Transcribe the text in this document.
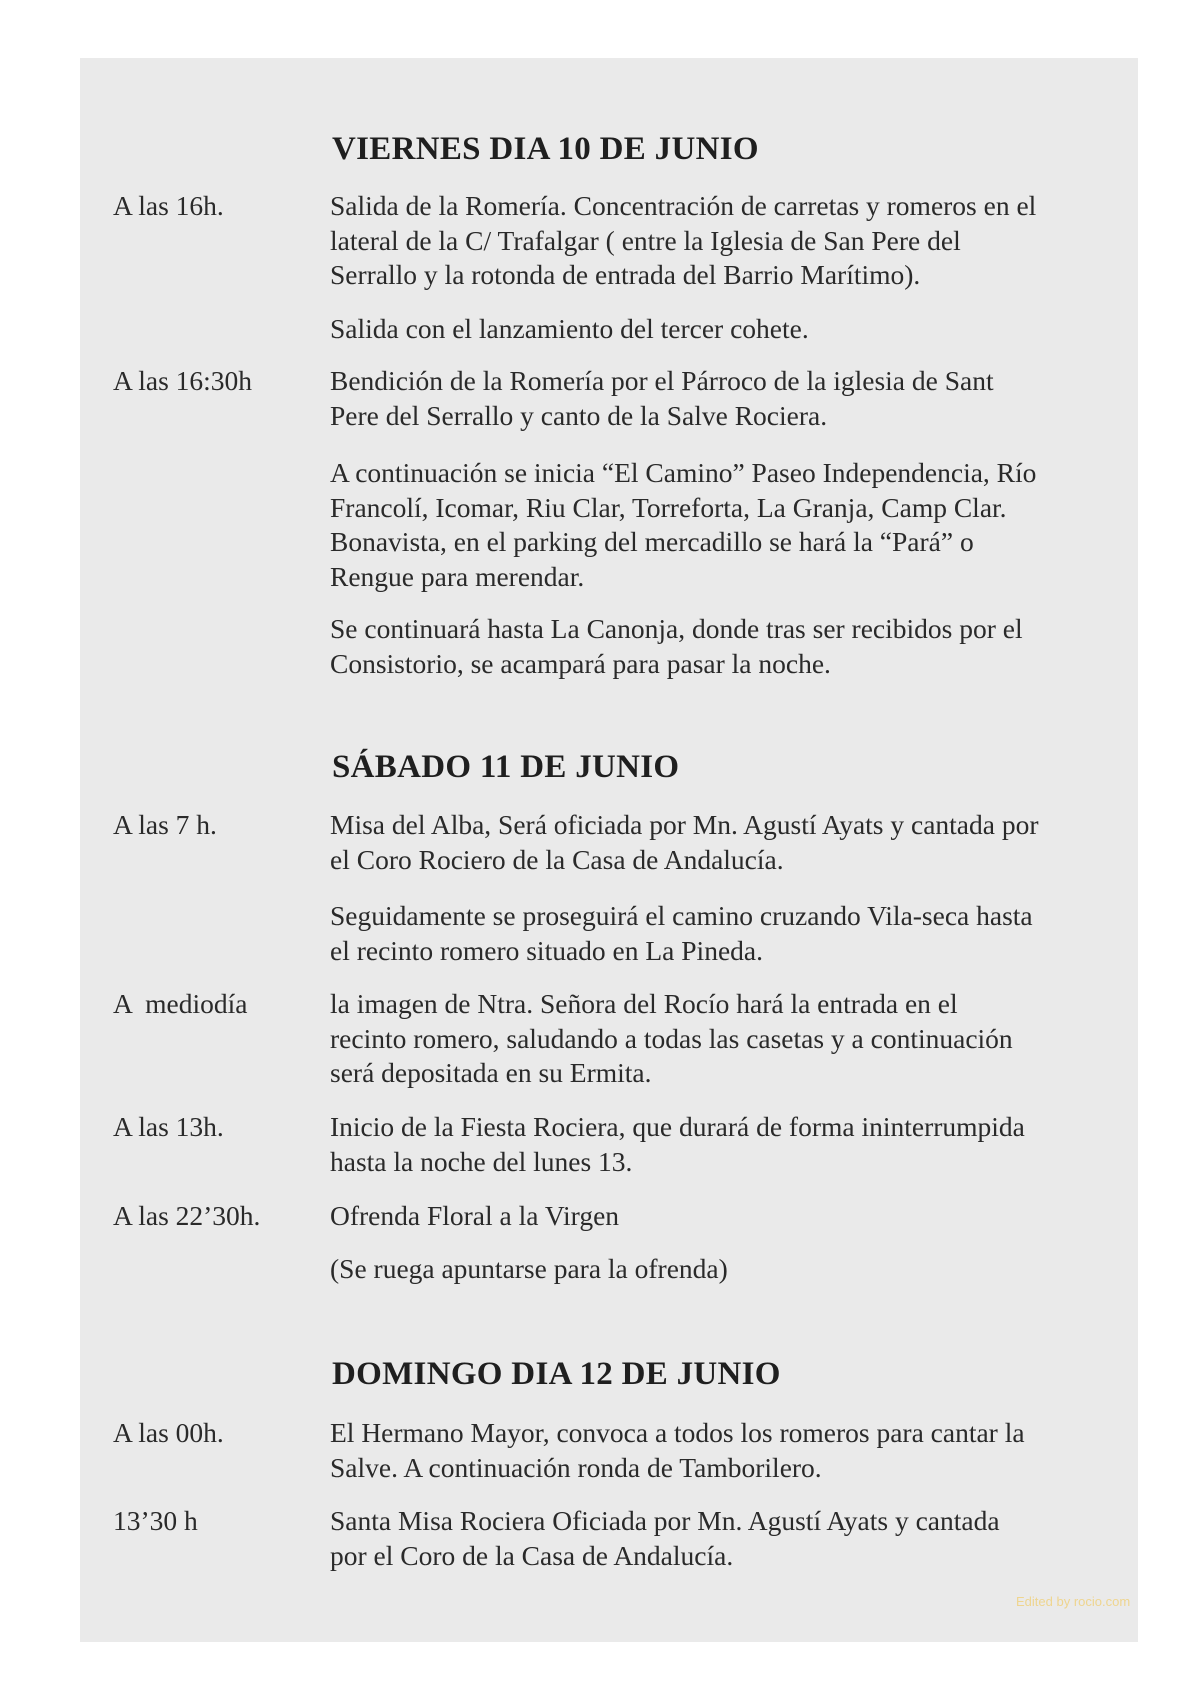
VIERNES DIA 10 DE JUNIO
A las 16h.	Salida de la Romería. Concentración de carretas y romeros en el
lateral de la C/ Trafalgar ( entre la Iglesia de San Pere del
Serrallo y la rotonda de entrada del Barrio Marítimo).
Salida con el lanzamiento del tercer cohete.
A las 16:30h	Bendición de la Romería por el Párroco de la iglesia de Sant
Pere del Serrallo y canto de la Salve Rociera.
A continuación se inicia “El Camino” Paseo Independencia, Río
Francolí, Icomar, Riu Clar, Torreforta, La Granja, Camp Clar.
Bonavista, en el parking del mercadillo se hará la “Pará” o
Rengue para merendar.
Se continuará hasta La Canonja, donde tras ser recibidos por el
Consistorio, se acampará para pasar la noche.
SÁBADO 11 DE JUNIO
A las 7 h.	Misa del Alba, Será oficiada por Mn. Agustí Ayats y cantada por
el Coro Rociero de la Casa de Andalucía.
Seguidamente se proseguirá el camino cruzando Vila-seca hasta
el recinto romero situado en La Pineda.
A  mediodía	la imagen de Ntra. Señora del Rocío hará la entrada en el
recinto romero, saludando a todas las casetas y a continuación
será depositada en su Ermita.
A las 13h.	Inicio de la Fiesta Rociera, que durará de forma ininterrumpida
hasta la noche del lunes 13.
A las 22’30h.	Ofrenda Floral a la Virgen
(Se ruega apuntarse para la ofrenda)
DOMINGO DIA 12 DE JUNIO
A las 00h.	El Hermano Mayor, convoca a todos los romeros para cantar la
Salve. A continuación ronda de Tamborilero.
13’30 h	Santa Misa Rociera Oficiada por Mn. Agustí Ayats y cantada
por el Coro de la Casa de Andalucía.
Edited by rocio.com
